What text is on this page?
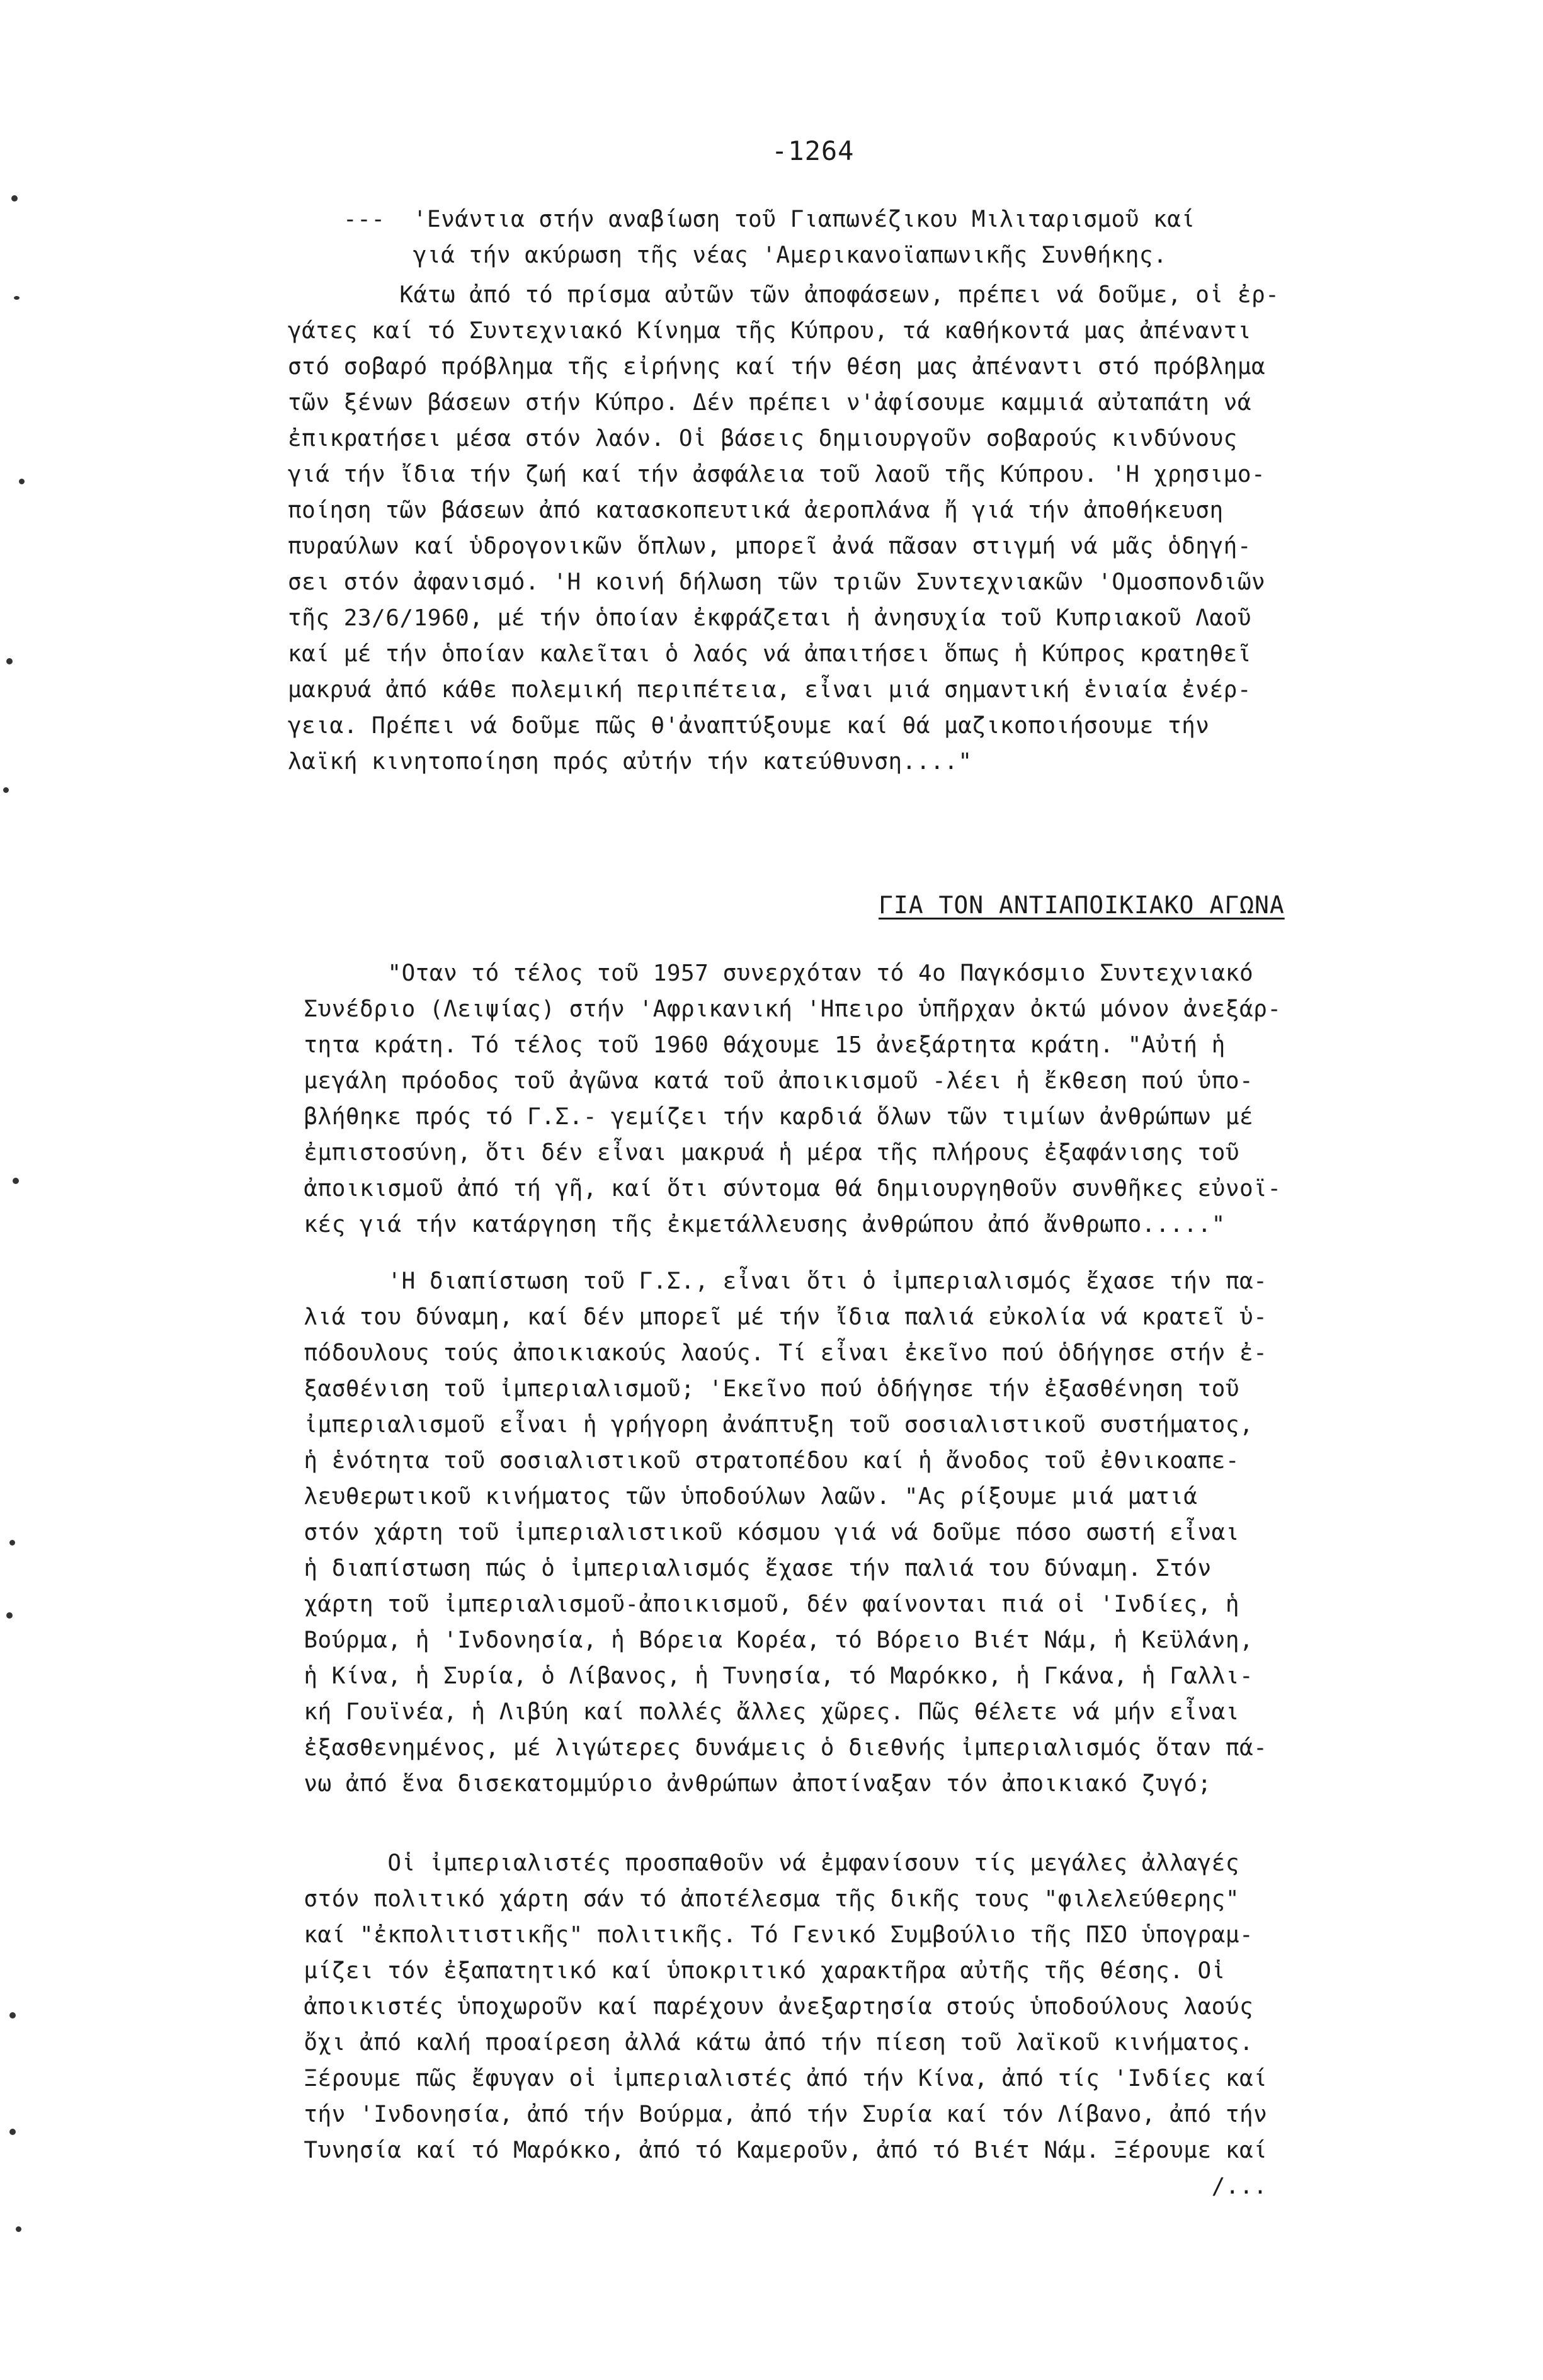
-1264
---  'Ενάντια στήν αναβίωση τοῦ Γιαπωνέζικου Μιλιταρισμοῦ καί
γιά τήν ακύρωση τῆς νέας 'Αμερικανοϊαπωνικῆς Συνθήκης.
Κάτω ἀπό τό πρίσμα αὐτῶν τῶν ἀποφάσεων, πρέπει νά δοῦμε, οἱ ἐρ-
γάτες καί τό Συντεχνιακό Κίνημα τῆς Κύπρου, τά καθήκοντά μας ἀπέναντι
στό σοβαρό πρόβλημα τῆς εἰρήνης καί τήν θέση μας ἀπέναντι στό πρόβλημα
τῶν ξένων βάσεων στήν Κύπρο. Δέν πρέπει ν'ἀφίσουμε καμμιά αὐταπάτη νά
ἐπικρατήσει μέσα στόν λαόν. Οἱ βάσεις δημιουργοῦν σοβαρούς κινδύνους
γιά τήν ἴδια τήν ζωή καί τήν ἀσφάλεια τοῦ λαοῦ τῆς Κύπρου. 'Η χρησιμο-
ποίηση τῶν βάσεων ἀπό κατασκοπευτικά ἀεροπλάνα ἤ γιά τήν ἀποθήκευση
πυραύλων καί ὑδρογονικῶν ὅπλων, μπορεῖ ἀνά πᾶσαν στιγμή νά μᾶς ὁδηγή-
σει στόν ἀφανισμό. 'Η κοινή δήλωση τῶν τριῶν Συντεχνιακῶν 'Ομοσπονδιῶν
τῆς 23/6/1960, μέ τήν ὁποίαν ἐκφράζεται ἡ ἀνησυχία τοῦ Κυπριακοῦ Λαοῦ
καί μέ τήν ὁποίαν καλεῖται ὁ λαός νά ἀπαιτήσει ὅπως ἡ Κύπρος κρατηθεῖ
μακρυά ἀπό κάθε πολεμική περιπέτεια, εἶναι μιά σημαντική ἑνιαία ἐνέρ-
γεια. Πρέπει νά δοῦμε πῶς θ'ἀναπτύξουμε καί θά μαζικοποιήσουμε τήν
λαϊκή κινητοποίηση πρός αὐτήν τήν κατεύθυνση...."
ΓΙΑ ΤΟΝ ΑΝΤΙΑΠΟΙΚΙΑΚΟ ΑΓΩΝΑ
"Οταν τό τέλος τοῦ 1957 συνερχόταν τό 4ο Παγκόσμιο Συντεχνιακό
Συνέδριο (Λειψίας) στήν 'Αφρικανική 'Ηπειρο ὑπῆρχαν ὀκτώ μόνον ἀνεξάρ-
τητα κράτη. Τό τέλος τοῦ 1960 θάχουμε 15 ἀνεξάρτητα κράτη. "Αὐτή ἡ
μεγάλη πρόοδος τοῦ ἀγῶνα κατά τοῦ ἀποικισμοῦ -λέει ἡ ἔκθεση πού ὑπο-
βλήθηκε πρός τό Γ.Σ.- γεμίζει τήν καρδιά ὅλων τῶν τιμίων ἀνθρώπων μέ
ἐμπιστοσύνη, ὅτι δέν εἶναι μακρυά ἡ μέρα τῆς πλήρους ἐξαφάνισης τοῦ
ἀποικισμοῦ ἀπό τή γῆ, καί ὅτι σύντομα θά δημιουργηθοῦν συνθῆκες εὐνοϊ-
κές γιά τήν κατάργηση τῆς ἐκμετάλλευσης ἀνθρώπου ἀπό ἄνθρωπο....."
'Η διαπίστωση τοῦ Γ.Σ., εἶναι ὅτι ὁ ἰμπεριαλισμός ἔχασε τήν πα-
λιά του δύναμη, καί δέν μπορεῖ μέ τήν ἴδια παλιά εὐκολία νά κρατεῖ ὑ-
πόδουλους τούς ἀποικιακούς λαούς. Τί εἶναι ἐκεῖνο πού ὁδήγησε στήν ἐ-
ξασθένιση τοῦ ἰμπεριαλισμοῦ; 'Εκεῖνο πού ὁδήγησε τήν ἐξασθένηση τοῦ
ἰμπεριαλισμοῦ εἶναι ἡ γρήγορη ἀνάπτυξη τοῦ σοσιαλιστικοῦ συστήματος,
ἡ ἑνότητα τοῦ σοσιαλιστικοῦ στρατοπέδου καί ἡ ἄνοδος τοῦ ἐθνικοαπε-
λευθερωτικοῦ κινήματος τῶν ὑποδούλων λαῶν. "Ας ρίξουμε μιά ματιά
στόν χάρτη τοῦ ἰμπεριαλιστικοῦ κόσμου γιά νά δοῦμε πόσο σωστή εἶναι
ἡ διαπίστωση πώς ὁ ἰμπεριαλισμός ἔχασε τήν παλιά του δύναμη. Στόν
χάρτη τοῦ ἰμπεριαλισμοῦ-ἀποικισμοῦ, δέν φαίνονται πιά οἱ 'Ινδίες, ἡ
Βούρμα, ἡ 'Ινδονησία, ἡ Βόρεια Κορέα, τό Βόρειο Βιέτ Νάμ, ἡ Κεϋλάνη,
ἡ Κίνα, ἡ Συρία, ὁ Λίβανος, ἡ Τυνησία, τό Μαρόκκο, ἡ Γκάνα, ἡ Γαλλι-
κή Γουϊνέα, ἡ Λιβύη καί πολλές ἄλλες χῶρες. Πῶς θέλετε νά μήν εἶναι
ἐξασθενημένος, μέ λιγώτερες δυνάμεις ὁ διεθνής ἰμπεριαλισμός ὅταν πά-
νω ἀπό ἕνα δισεκατομμύριο ἀνθρώπων ἀποτίναξαν τόν ἀποικιακό ζυγό;
Οἱ ἰμπεριαλιστές προσπαθοῦν νά ἐμφανίσουν τίς μεγάλες ἀλλαγές
στόν πολιτικό χάρτη σάν τό ἀποτέλεσμα τῆς δικῆς τους "φιλελεύθερης"
καί "ἐκπολιτιστικῆς" πολιτικῆς. Τό Γενικό Συμβούλιο τῆς ΠΣΟ ὑπογραμ-
μίζει τόν ἐξαπατητικό καί ὑποκριτικό χαρακτῆρα αὐτῆς τῆς θέσης. Οἱ
ἀποικιστές ὑποχωροῦν καί παρέχουν ἀνεξαρτησία στούς ὑποδούλους λαούς
ὄχι ἀπό καλή προαίρεση ἀλλά κάτω ἀπό τήν πίεση τοῦ λαϊκοῦ κινήματος.
Ξέρουμε πῶς ἔφυγαν οἱ ἰμπεριαλιστές ἀπό τήν Κίνα, ἀπό τίς 'Ινδίες καί
τήν 'Ινδονησία, ἀπό τήν Βούρμα, ἀπό τήν Συρία καί τόν Λίβανο, ἀπό τήν
Τυνησία καί τό Μαρόκκο, ἀπό τό Καμεροῦν, ἀπό τό Βιέτ Νάμ. Ξέρουμε καί
/...
